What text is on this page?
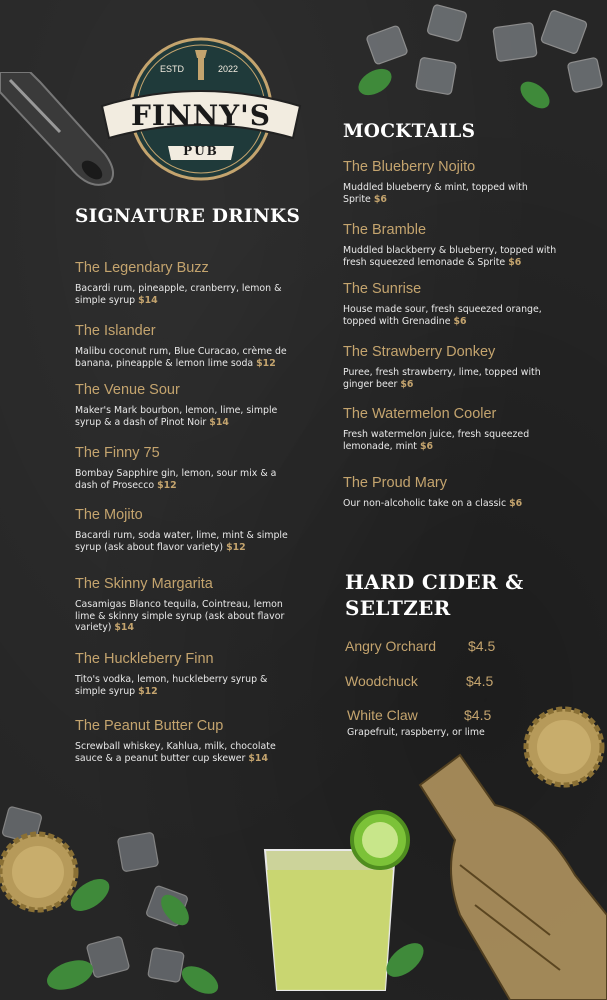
ESTD	2022
FINNY'S
PUB
SIGNATURE DRINKS
The Legendary Buzz
Bacardi rum, pineapple, cranberry, lemon & simple syrup $14
The Islander
Malibu coconut rum, Blue Curacao, crème de banana, pineapple & lemon lime soda $12
The Venue Sour
Maker's Mark bourbon, lemon, lime, simple syrup & a dash of Pinot Noir $14
The Finny 75
Bombay Sapphire gin, lemon, sour mix & a dash of Prosecco $12
The Mojito
Bacardi rum, soda water, lime, mint & simple syrup (ask about flavor variety) $12
The Skinny Margarita
Casamigas Blanco tequila, Cointreau, lemon lime & skinny simple syrup (ask about flavor variety) $14
The Huckleberry Finn
Tito's vodka, lemon, huckleberry syrup & simple syrup $12
The Peanut Butter Cup
Screwball whiskey, Kahlua, milk, chocolate sauce & a peanut butter cup skewer $14
MOCKTAILS
The Blueberry Nojito
Muddled blueberry & mint, topped with Sprite $6
The Bramble
Muddled blackberry & blueberry, topped with fresh squeezed lemonade & Sprite $6
The Sunrise
House made sour, fresh squeezed orange, topped with Grenadine $6
The Strawberry Donkey
Puree, fresh strawberry, lime, topped with ginger beer $6
The Watermelon Cooler
Fresh watermelon juice, fresh squeezed lemonade, mint $6
The Proud Mary
Our non-alcoholic take on a classic $6
HARD CIDER &
SELTZER
Angry Orchard $4.5
Woodchuck	$4.5
White Claw	$4.5
Grapefruit, raspberry, or lime
